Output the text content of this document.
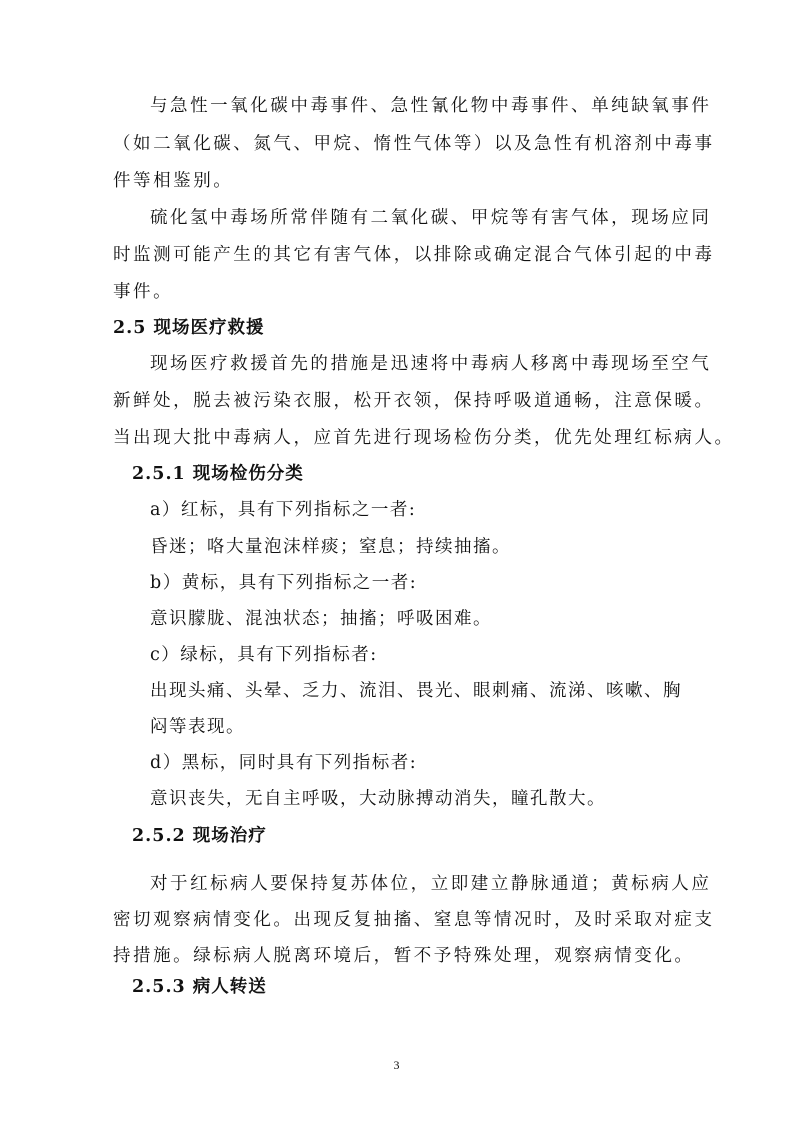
与急性一氧化碳中毒事件、急性氰化物中毒事件、单纯缺氧事件
（如二氧化碳、氮气、甲烷、惰性气体等）以及急性有机溶剂中毒事
件等相鉴别。
硫化氢中毒场所常伴随有二氧化碳、甲烷等有害气体，现场应同
时监测可能产生的其它有害气体，以排除或确定混合气体引起的中毒
事件。
2.5 现场医疗救援
现场医疗救援首先的措施是迅速将中毒病人移离中毒现场至空气
新鲜处，脱去被污染衣服，松开衣领，保持呼吸道通畅，注意保暖。
当出现大批中毒病人，应首先进行现场检伤分类，优先处理红标病人。
2.5.1 现场检伤分类
a）红标，具有下列指标之一者:
昏迷；咯大量泡沫样痰；窒息；持续抽搐。
b）黄标，具有下列指标之一者:
意识朦胧、混浊状态；抽搐；呼吸困难。
c）绿标，具有下列指标者:
出现头痛、头晕、乏力、流泪、畏光、眼刺痛、流涕、咳嗽、胸
闷等表现。
d）黑标，同时具有下列指标者:
意识丧失，无自主呼吸，大动脉搏动消失，瞳孔散大。
2.5.2 现场治疗
对于红标病人要保持复苏体位，立即建立静脉通道；黄标病人应
密切观察病情变化。出现反复抽搐、窒息等情况时，及时采取对症支
持措施。绿标病人脱离环境后，暂不予特殊处理，观察病情变化。
2.5.3 病人转送
3
